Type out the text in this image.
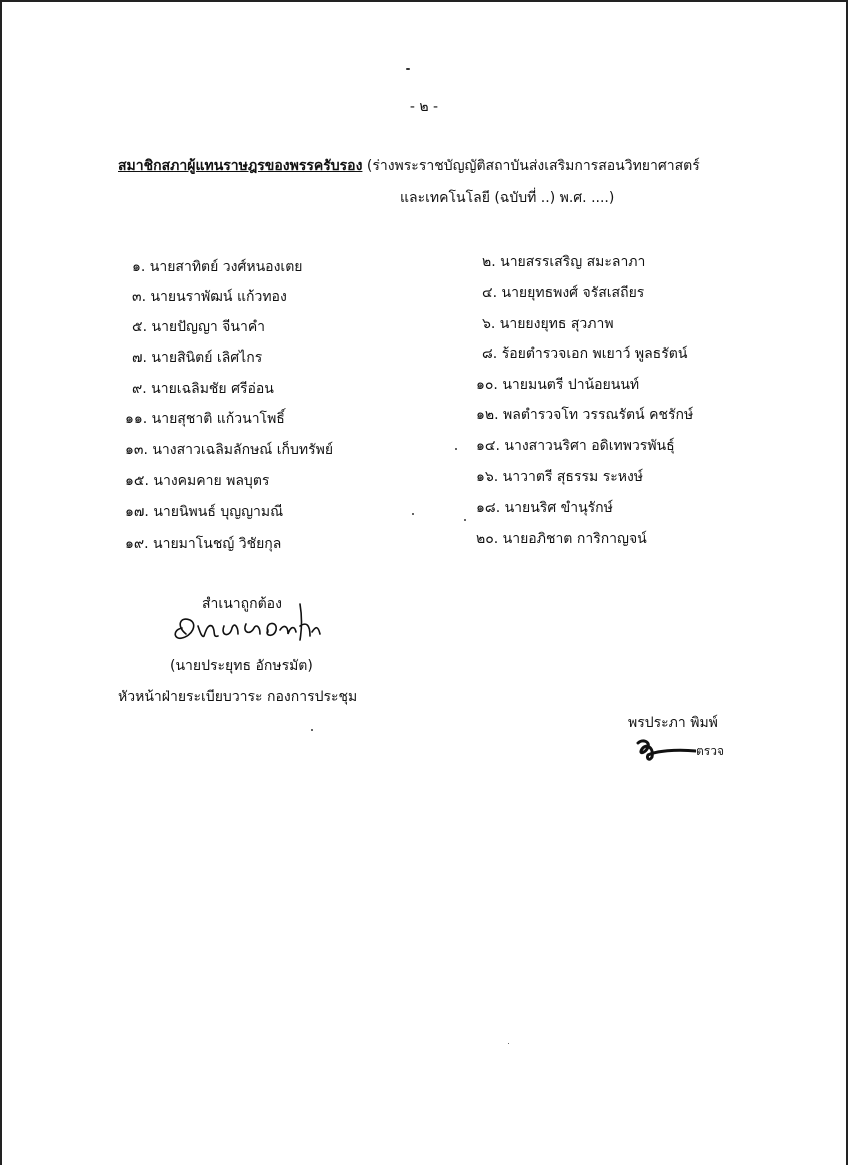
- ๒ -
สมาชิกสภาผู้แทนราษฎรของพรรครับรอง (ร่างพระราชบัญญัติสถาบันส่งเสริมการสอนวิทยาศาสตร์
และเทคโนโลยี (ฉบับที่ ..) พ.ศ. ....)
๑. นายสาทิตย์ วงศ์หนองเตย
๓. นายนราพัฒน์ แก้วทอง
๕. นายปัญญา จีนาคำ
๗. นายสินิตย์ เลิศไกร
๙. นายเฉลิมชัย ศรีอ่อน
๑๑. นายสุชาติ แก้วนาโพธิ์
๑๓. นางสาวเฉลิมลักษณ์ เก็บทรัพย์
๑๕. นางคมคาย พลบุตร
๑๗. นายนิพนธ์ บุญญามณี
๑๙. นายมาโนชญ์ วิชัยกุล
๒. นายสรรเสริญ สมะลาภา
๔. นายยุทธพงศ์ จรัสเสถียร
๖. นายยงยุทธ สุวภาพ
๘. ร้อยตำรวจเอก พเยาว์ พูลธรัตน์
๑๐. นายมนตรี ปาน้อยนนท์
๑๒. พลตำรวจโท วรรณรัตน์ คชรักษ์
๑๔. นางสาวนริศา อดิเทพวรพันธุ์
๑๖. นาวาตรี สุธรรม ระหงษ์
๑๘. นายนริศ ขำนุรักษ์
๒๐. นายอภิชาต การิกาญจน์
สำเนาถูกต้อง
(นายประยุทธ อักษรมัต)
หัวหน้าฝ่ายระเบียบวาระ กองการประชุม
พรประภา พิมพ์
ตรวจ
